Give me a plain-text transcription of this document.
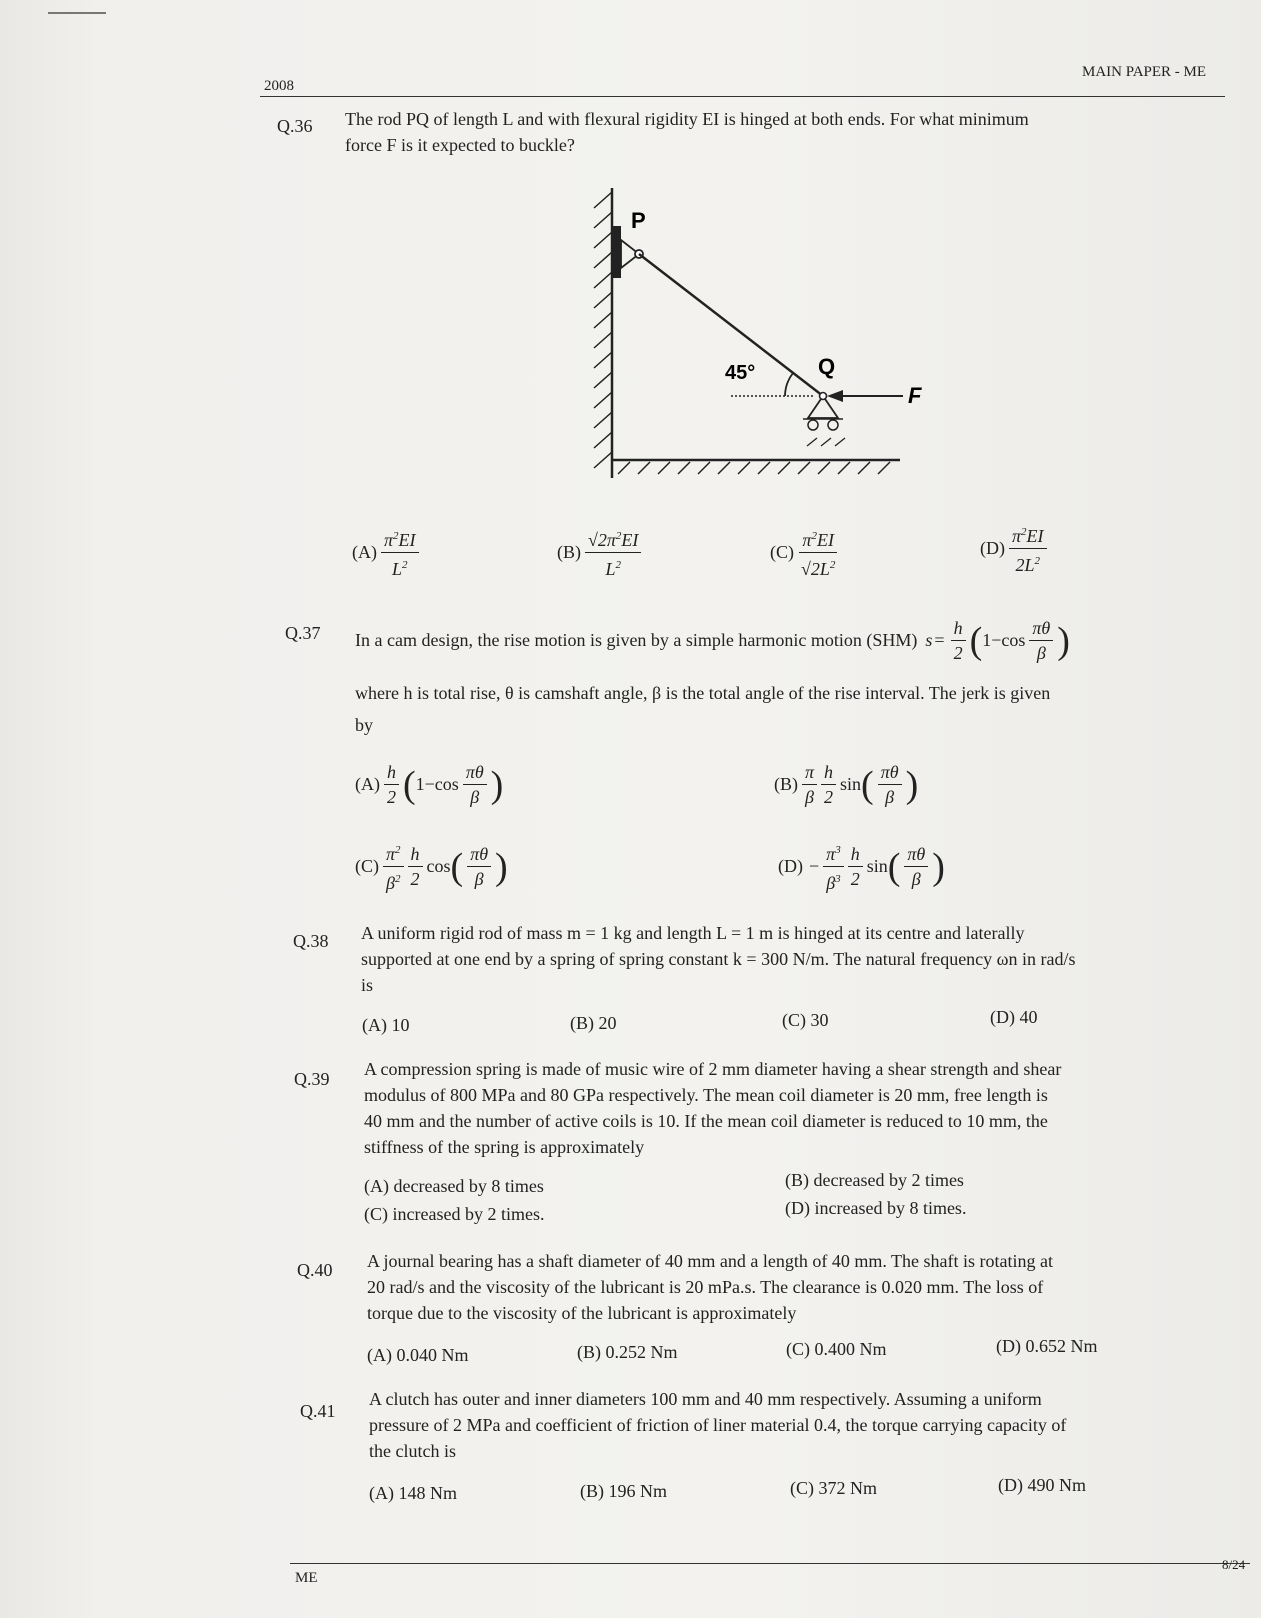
2008
MAIN PAPER - ME
Q.36 The rod PQ of length L and with flexural rigidity EI is hinged at both ends. For what minimum
force F is it expected to buckle?
P
Q
45°
F
$(A) \frac{\pi^2EI}{L^2}$	$(B) \frac{√2\pi^2EI}{L^2}$	$(C) \frac{\pi^2EI}{√2L^2}$	$(D) \frac{\pi^2EI}{2L^2}$
Q.37 In a cam design, the rise motion is given by a simple harmonic motion (SHM) $s = \frac{h}{2}$ ( $1-\cos \frac{\pi\theta}{\beta}$ )
where h is total rise, θ is camshaft angle, β is the total angle of the rise interval. The jerk is given
by
$(A) \frac{h}{2}$ ( $1-\cos \frac{\pi\theta}{\beta}$ )	$(B) \frac{\pi}{\beta} \frac{h}{2}$ sin ( $\frac{\pi\theta}{\beta}$ )
$(C) \frac{\pi^2}{\beta^2} \frac{h}{2}$ cos ( $\frac{\pi\theta}{\beta}$ )	$(D) - \frac{\pi^3}{\beta^3} \frac{h}{2}$ sin ( $\frac{\pi\theta}{\beta}$ )
Q.38 A uniform rigid rod of mass m = 1 kg and length L = 1 m is hinged at its centre and laterally
supported at one end by a spring of spring constant k = 300 N/m. The natural frequency ωn in rad/s
is
(A) 10	(B) 20	(C) 30	(D) 40
Q.39 A compression spring is made of music wire of 2 mm diameter having a shear strength and shear
modulus of 800 MPa and 80 GPa respectively. The mean coil diameter is 20 mm, free length is
40 mm and the number of active coils is 10. If the mean coil diameter is reduced to 10 mm, the
stiffness of the spring is approximately
(A) decreased by 8 times	(B) decreased by 2 times
(C) increased by 2 times.	(D) increased by 8 times.
Q.40 A journal bearing has a shaft diameter of 40 mm and a length of 40 mm. The shaft is rotating at
20 rad/s and the viscosity of the lubricant is 20 mPa.s. The clearance is 0.020 mm. The loss of
torque due to the viscosity of the lubricant is approximately
(A) 0.040 Nm	(B) 0.252 Nm	(C) 0.400 Nm	(D) 0.652 Nm
Q.41
A clutch has outer and inner diameters 100 mm and 40 mm respectively. Assuming a uniform
pressure of 2 MPa and coefficient of friction of liner material 0.4, the torque carrying capacity of
the clutch is
(A) 148 Nm	(B) 196 Nm	(C) 372 Nm	(D) 490 Nm
ME
8/24
